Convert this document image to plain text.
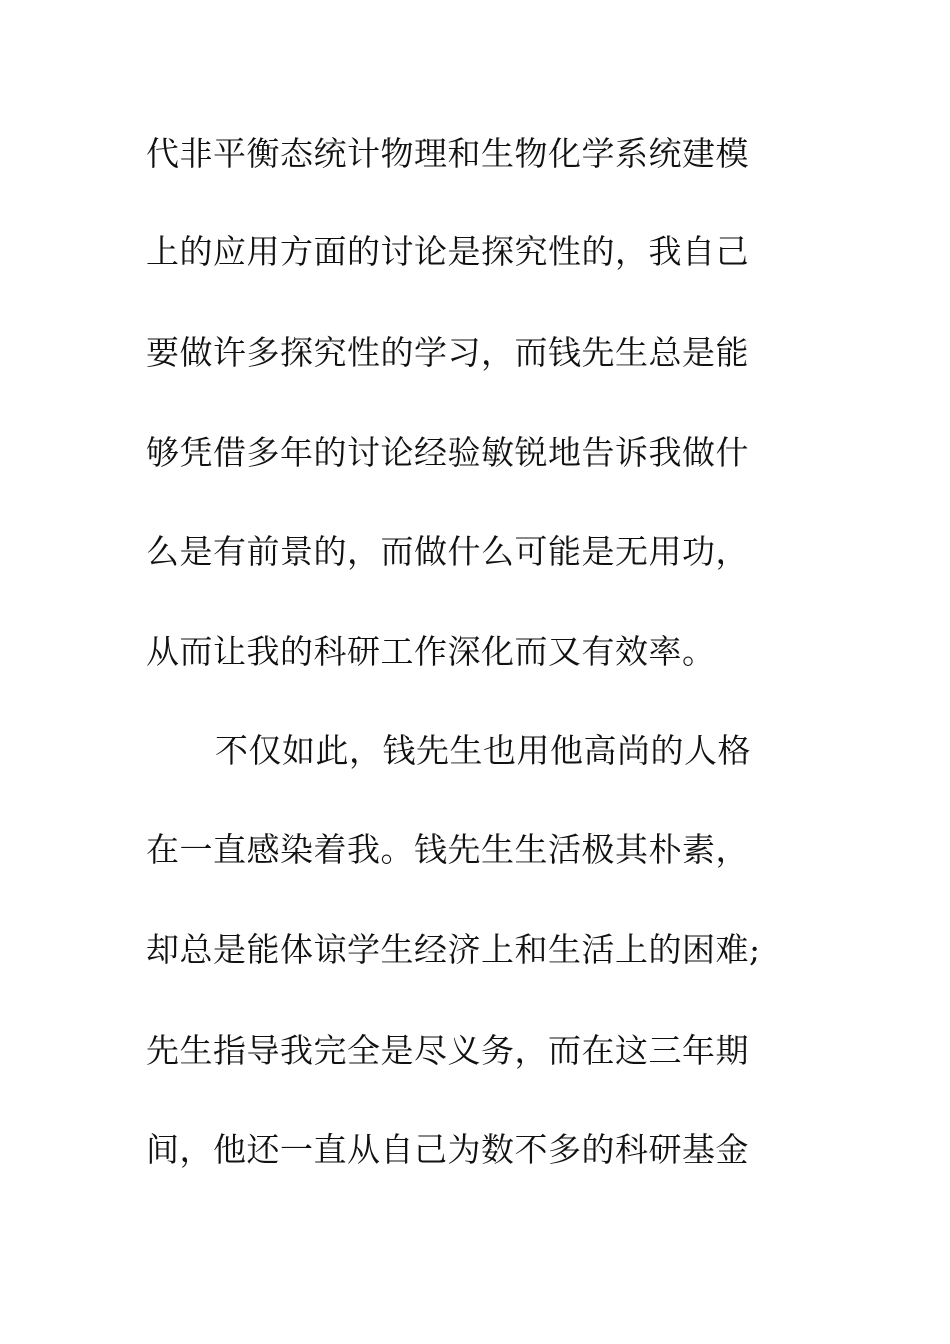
代非平衡态统计物理和生物化学系统建模
上的应用方面的讨论是探究性的，我自己
要做许多探究性的学习，而钱先生总是能
够凭借多年的讨论经验敏锐地告诉我做什
么是有前景的，而做什么可能是无用功，
从而让我的科研工作深化而又有效率。
不仅如此，钱先生也用他高尚的人格
在一直感染着我。钱先生生活极其朴素，
却总是能体谅学生经济上和生活上的困难;
先生指导我完全是尽义务，而在这三年期
间，他还一直从自己为数不多的科研基金
